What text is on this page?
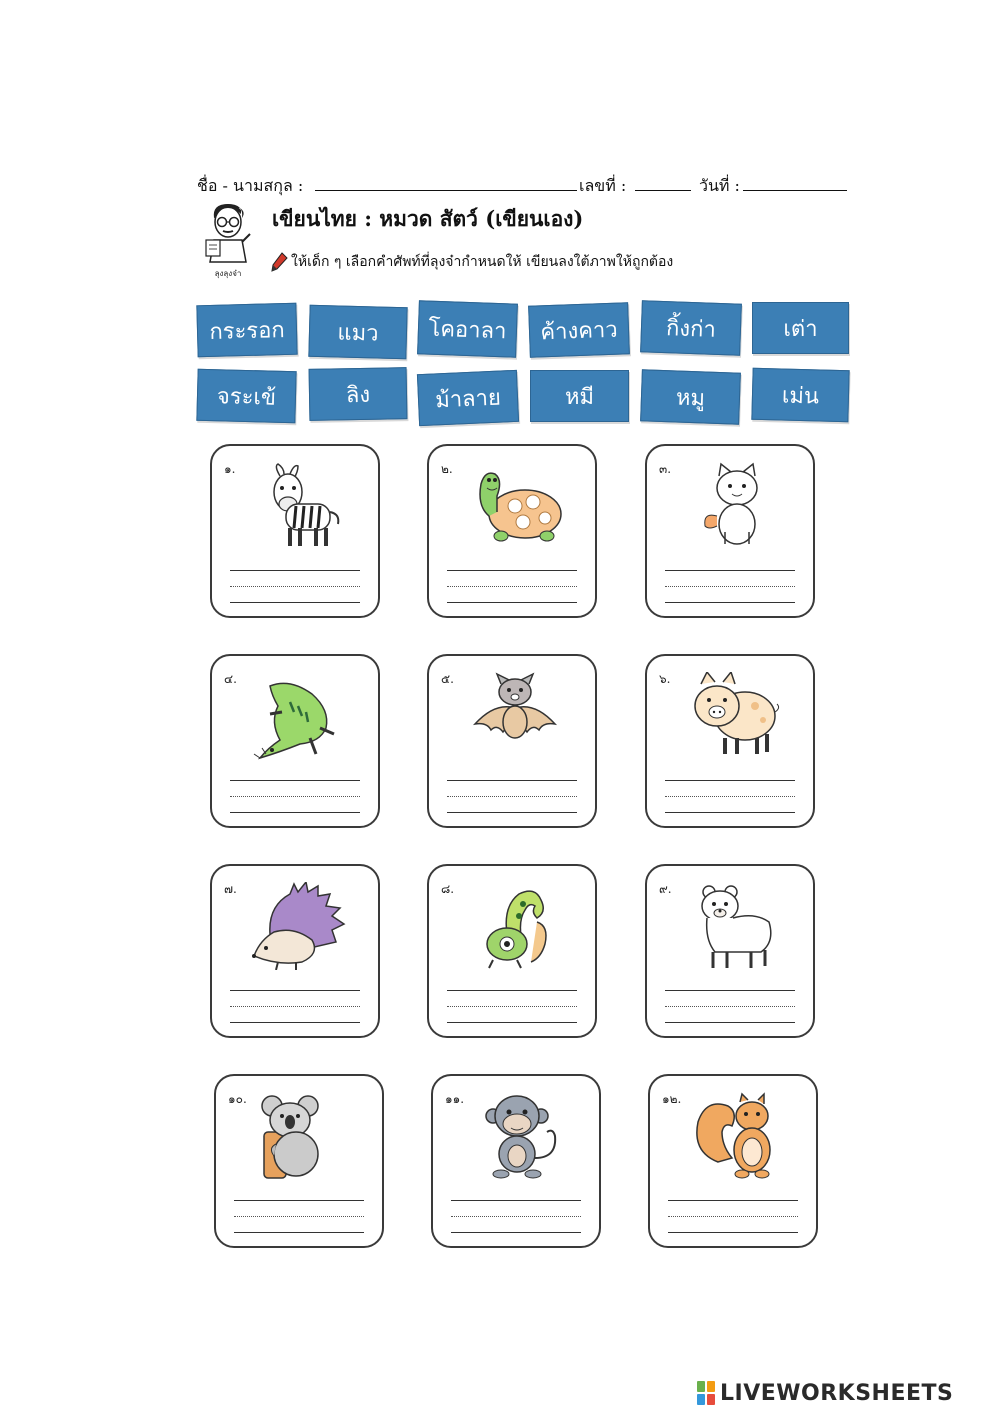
ชื่อ - นามสกุล :	เลขที่ :	วันที่ :
ลุงลุงจ๋า
เขียนไทย : หมวด สัตว์ (เขียนเอง)
ให้เด็ก ๆ เลือกคำศัพท์ที่ลุงจ๋ากำหนดให้ เขียนลงใต้ภาพให้ถูกต้อง
กระรอก	แมว	โคอาลา	ค้างคาว	กิ้งก่า	เต่า
จระเข้	ลิง	ม้าลาย	หมี	หมู	เม่น
๑.	๒.	๓.
๔.	๕.	๖.
๗.	๘.	๙.
๑๐.	๑๑.	๑๒.
LIVEWORKSHEETS
